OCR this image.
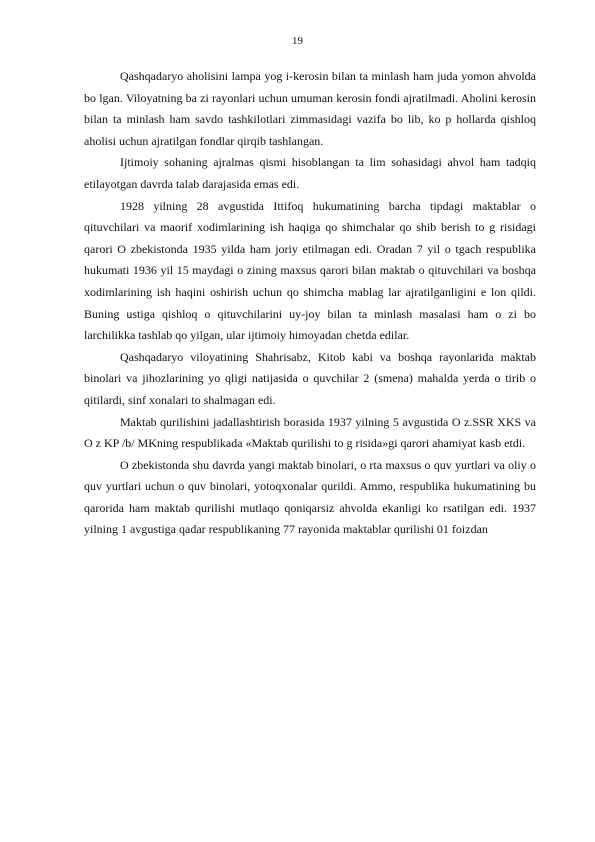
19

Qashqadaryo aholisini lampa yog i-kerosin bilan ta minlash ham juda yomon ahvolda bo lgan. Viloyatning ba zi rayonlari uchun umuman kerosin fondi ajratilmadi. Aholini kerosin bilan ta minlash ham savdo tashkilotlari zimmasidagi vazifa bo lib, ko p hollarda qishloq aholisi uchun ajratilgan fondlar qirqib tashlangan.

Ijtimoiy sohaning ajralmas qismi hisoblangan ta lim sohasidagi ahvol ham tadqiq etilayotgan davrda talab darajasida emas edi.

1928 yilning 28 avgustida Ittifoq hukumatining barcha tipdagi maktablar o qituvchilari va maorif xodimlarining ish haqiga qo shimchalar qo shib berish to g risidagi qarori O zbekistonda 1935 yilda ham joriy etilmagan edi. Oradan 7 yil o tgach respublika hukumati 1936 yil 15 maydagi o zining maxsus qarori bilan maktab o qituvchilari va boshqa xodimlarining ish haqini oshirish uchun qo shimcha mablag lar ajratilganligini e lon qildi. Buning ustiga qishloq o qituvchilarini uy-joy bilan ta minlash masalasi ham o zi bo larchilikka tashlab qo yilgan, ular ijtimoiy himoyadan chetda edilar.

Qashqadaryo viloyatining Shahrisabz, Kitob kabi va boshqa rayonlarida maktab binolari va jihozlarining yo qligi natijasida o quvchilar 2 (smena) mahalda yerda o tirib o qitilardi, sinf xonalari to shalmagan edi.

Maktab qurilishini jadallashtirish borasida 1937 yilning 5 avgustida O z.SSR XKS va O z KP /b/ MKning respublikada «Maktab qurilishi to g risida»gi qarori ahamiyat kasb etdi.

O zbekistonda shu davrda yangi maktab binolari, o rta maxsus o quv yurtlari va oliy o quv yurtlari uchun o quv binolari, yotoqxonalar qurildi. Ammo, respublika hukumatining bu qarorida ham maktab qurilishi mutlaqo qoniqarsiz ahvolda ekanligi ko rsatilgan edi. 1937 yilning 1 avgustiga qadar respublikaning 77 rayonida maktablar qurilishi 01 foizdan
